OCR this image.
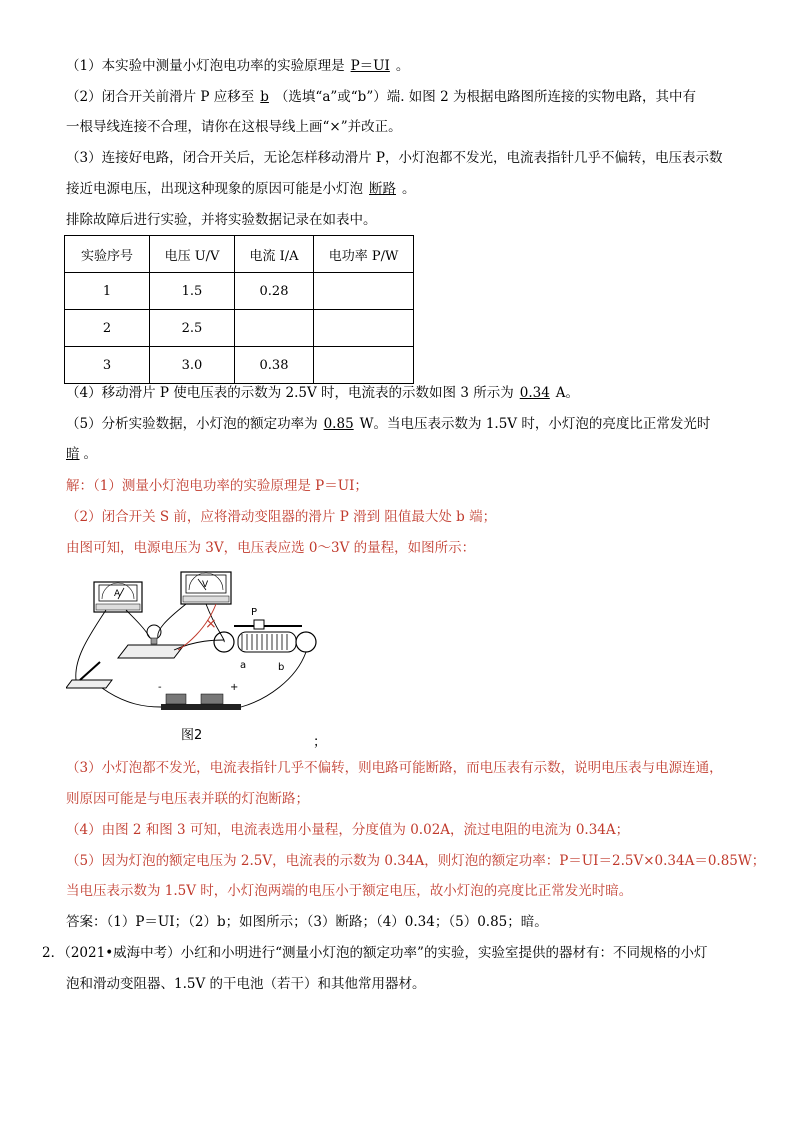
（1）本实验中测量小灯泡电功率的实验原理是 P＝UI 。
（2）闭合开关前滑片 P 应移至 b （选填“a”或“b”）端. 如图 2 为根据电路图所连接的实物电路，其中有
一根导线连接不合理，请你在这根导线上画“×”并改正。
（3）连接好电路，闭合开关后，无论怎样移动滑片 P，小灯泡都不发光，电流表指针几乎不偏转，电压表示数
接近电源电压，出现这种现象的原因可能是小灯泡 断路 。
排除故障后进行实验，并将实验数据记录在如表中。
实验序号	电压 U/V	电流 I/A	电功率 P/W
1	1.5	0.28	
2	2.5		
3	3.0	0.38	
（4）移动滑片 P 使电压表的示数为 2.5V 时，电流表的示数如图 3 所示为 0.34 A。
（5）分析实验数据，小灯泡的额定功率为 0.85 W。当电压表示数为 1.5V 时，小灯泡的亮度比正常发光时
暗 。
解：（1）测量小灯泡电功率的实验原理是 P＝UI；
（2）闭合开关 S 前，应将滑动变阻器的滑片 P 滑到 阻值最大处 b 端；
由图可知，电源电压为 3V，电压表应选 0～3V 的量程，如图所示：
A
V
P
a	b
-	+
×
图2	；
（3）小灯泡都不发光，电流表指针几乎不偏转，则电路可能断路，而电压表有示数，说明电压表与电源连通，
则原因可能是与电压表并联的灯泡断路；
（4）由图 2 和图 3 可知，电流表选用小量程，分度值为 0.02A，流过电阻的电流为 0.34A；
（5）因为灯泡的额定电压为 2.5V，电流表的示数为 0.34A，则灯泡的额定功率：P＝UI＝2.5V×0.34A＝0.85W；
当电压表示数为 1.5V 时，小灯泡两端的电压小于额定电压，故小灯泡的亮度比正常发光时暗。
答案：（1）P＝UI；（2）b；如图所示；（3）断路；（4）0.34；（5）0.85；暗。
2．（2021•威海中考）小红和小明进行“测量小灯泡的额定功率”的实验，实验室提供的器材有：不同规格的小灯
泡和滑动变阻器、1.5V 的干电池（若干）和其他常用器材。
